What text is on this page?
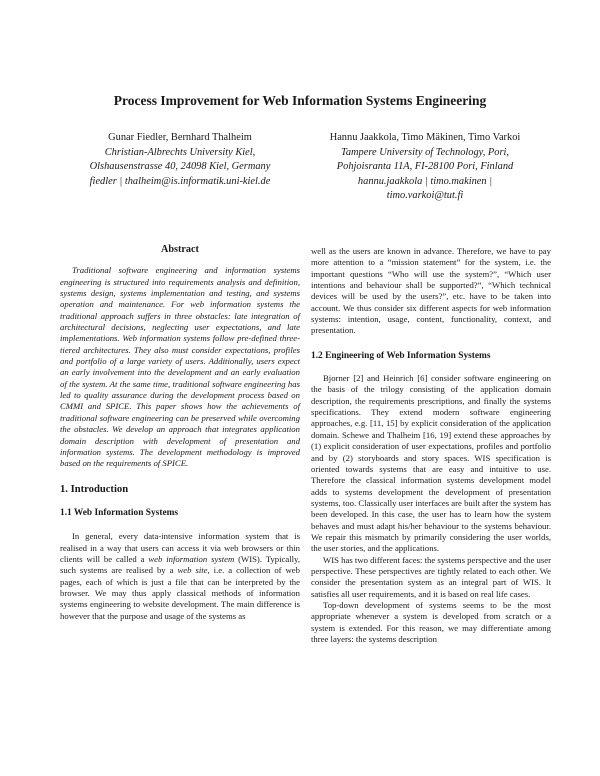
Process Improvement for Web Information Systems Engineering
Gunar Fiedler, Bernhard Thalheim
Christian-Albrechts University Kiel,
Olshausenstrasse 40, 24098 Kiel, Germany
fiedler | thalheim@is.informatik.uni-kiel.de
Hannu Jaakkola, Timo Mäkinen, Timo Varkoi
Tampere University of Technology, Pori,
Pohjoisranta 11A, FI-28100 Pori, Finland
hannu.jaakkola | timo.makinen |
timo.varkoi@tut.fi
Abstract

Traditional software engineering and information systems engineering is structured into requirements analysis and definition, systems design, systems implementation and testing, and systems operation and maintenance. For web information systems the traditional approach suffers in three obstacles: late integration of architectural decisions, neglecting user expectations, and late implementations. Web information systems follow pre-defined three-tiered architectures. They also must consider expectations, profiles and portfolio of a large variety of users. Additionally, users expect an early involvement into the development and an early evaluation of the system. At the same time, traditional software engineering has led to quality assurance during the development process based on CMMI and SPICE. This paper shows how the achievements of traditional software engineering can be preserved while overcoming the obstacles. We develop an approach that integrates application domain description with development of presentation and information systems. The development methodology is improved based on the requirements of SPICE.

1. Introduction
1.1 Web Information Systems

In general, every data-intensive information system that is realised in a way that users can access it via web browsers or thin clients will be called a web information system (WIS). Typically, such systems are realised by a web site, i.e. a collection of web pages, each of which is just a file that can be interpreted by the browser. We may thus apply classical methods of information systems engineering to website development. The main difference is however that the purpose and usage of the systems as

well as the users are known in advance. Therefore, we have to pay more attention to a “mission statement” for the system, i.e. the important questions “Who will use the system?”, “Which user intentions and behaviour shall be supported?”, “Which technical devices will be used by the users?”, etc. have to be taken into account. We thus consider six different aspects for web information systems: intention, usage, content, functionality, context, and presentation.

1.2 Engineering of Web Information Systems

Bjorner [2] and Heinrich [6] consider software engineering on the basis of the trilogy consisting of the application domain description, the requirements prescriptions, and finally the systems specifications. They extend modern software engineering approaches, e.g. [11, 15] by explicit consideration of the application domain. Schewe and Thalheim [16, 19] extend these approaches by (1) explicit consideration of user expectations, profiles and portfolio and by (2) storyboards and story spaces. WIS specification is oriented towards systems that are easy and intuitive to use. Therefore the classical information systems development model adds to systems development the development of presentation systems, too. Classically user interfaces are built after the system has been developed. In this case, the user has to learn how the system behaves and must adapt his/her behaviour to the systems behaviour. We repair this mismatch by primarily considering the user worlds, the user stories, and the applications.

WIS has two different faces: the systems perspective and the user perspective. These perspectives are tightly related to each other. We consider the presentation system as an integral part of WIS. It satisfies all user requirements, and it is based on real life cases.

Top-down development of systems seems to be the most appropriate whenever a system is developed from scratch or a system is extended. For this reason, we may differentiate among three layers: the systems description
